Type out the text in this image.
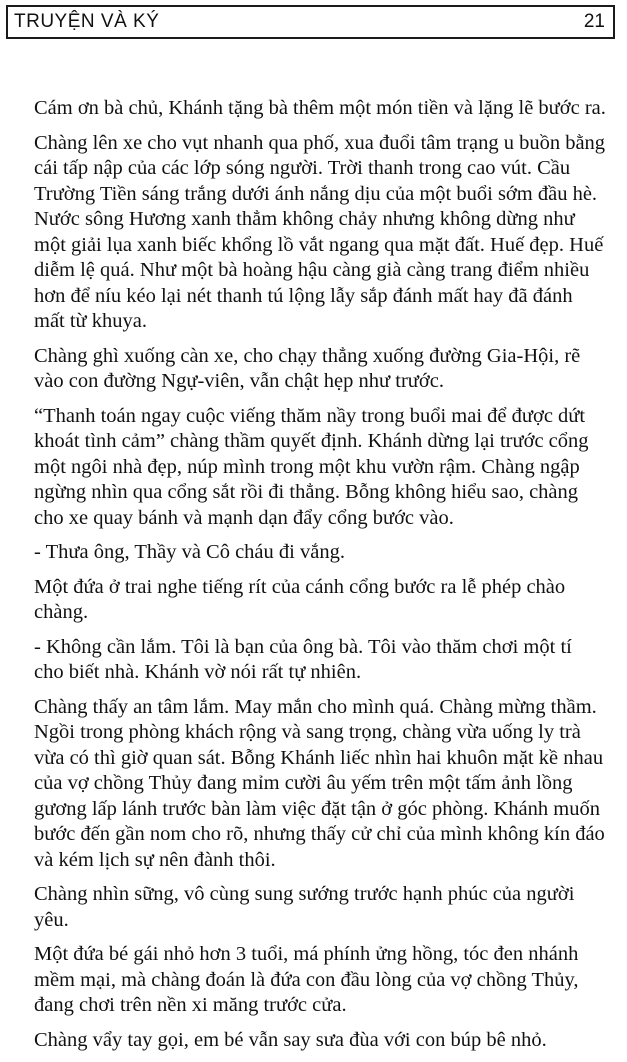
TRUYỆN VÀ KÝ	21

Cám ơn bà chủ, Khánh tặng bà thêm một món tiền và lặng lẽ bước ra.

Chàng lên xe cho vụt nhanh qua phố, xua đuổi tâm trạng u buồn bằng cái tấp nập của các lớp sóng người. Trời thanh trong cao vút. Cầu Trường Tiền sáng trắng dưới ánh nắng dịu của một buổi sớm đầu hè. Nước sông Hương xanh thẳm không chảy nhưng không dừng như một giải lụa xanh biếc khổng lồ vắt ngang qua mặt đất. Huế đẹp. Huế diễm lệ quá. Như một bà hoàng hậu càng già càng trang điểm nhiều hơn để níu kéo lại nét thanh tú lộng lẫy sắp đánh mất hay đã đánh mất từ khuya.

Chàng ghì xuống càn xe, cho chạy thẳng xuống đường Gia-Hội, rẽ vào con đường Ngự-viên, vẫn chật hẹp như trước.

“Thanh toán ngay cuộc viếng thăm nầy trong buổi mai để được dứt khoát tình cảm” chàng thầm quyết định. Khánh dừng lại trước cổng một ngôi nhà đẹp, núp mình trong một khu vườn rậm. Chàng ngập ngừng nhìn qua cổng sắt rồi đi thẳng. Bỗng không hiểu sao, chàng cho xe quay bánh và mạnh dạn đẩy cổng bước vào.

- Thưa ông, Thầy và Cô cháu đi vắng.

Một đứa ở trai nghe tiếng rít của cánh cổng bước ra lễ phép chào chàng.

- Không cần lắm. Tôi là bạn của ông bà. Tôi vào thăm chơi một tí cho biết nhà. Khánh vờ nói rất tự nhiên.

Chàng thấy an tâm lắm. May mắn cho mình quá. Chàng mừng thầm. Ngồi trong phòng khách rộng và sang trọng, chàng vừa uống ly trà vừa có thì giờ quan sát. Bỗng Khánh liếc nhìn hai khuôn mặt kề nhau của vợ chồng Thủy đang mỉm cười âu yếm trên một tấm ảnh lồng gương lấp lánh trước bàn làm việc đặt tận ở góc phòng. Khánh muốn bước đến gần nom cho rõ, nhưng thấy cử chỉ của mình không kín đáo và kém lịch sự nên đành thôi.

Chàng nhìn sững, vô cùng sung sướng trước hạnh phúc của người yêu.

Một đứa bé gái nhỏ hơn 3 tuổi, má phính ửng hồng, tóc đen nhánh mềm mại, mà chàng đoán là đứa con đầu lòng của vợ chồng Thủy, đang chơi trên nền xi măng trước cửa.

Chàng vẩy tay gọi, em bé vẫn say sưa đùa với con búp bê nhỏ.
